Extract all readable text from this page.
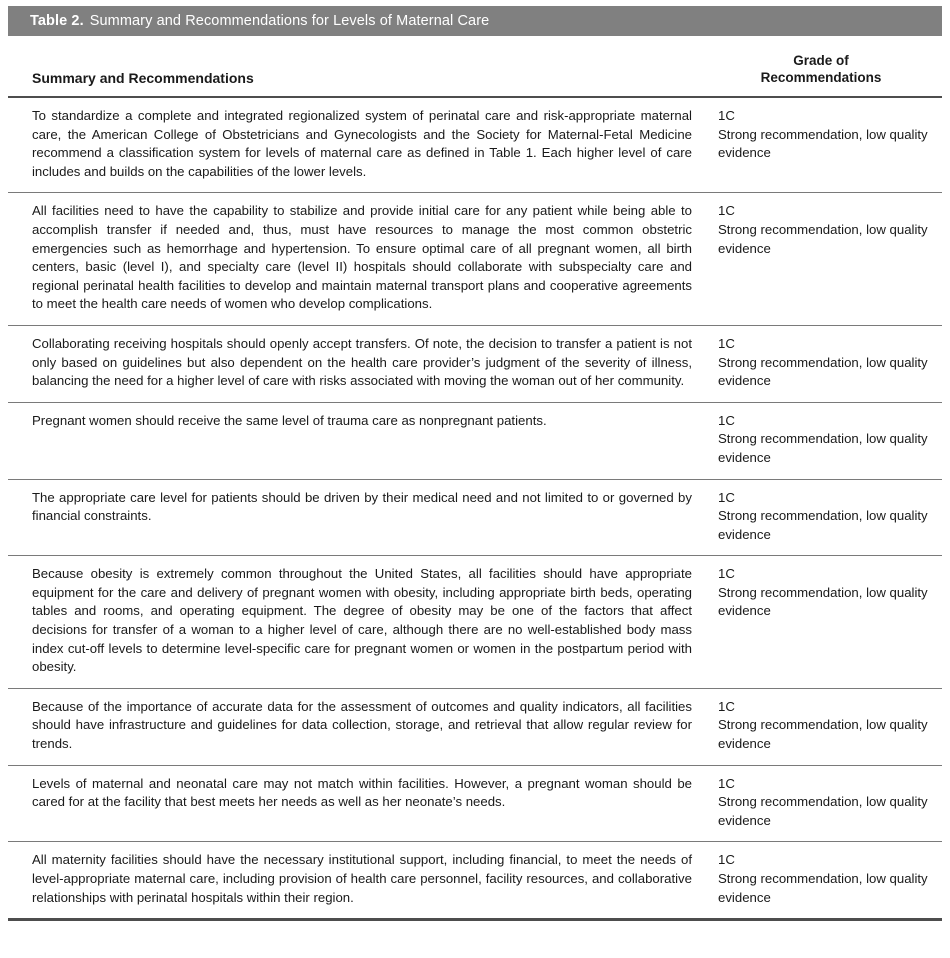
Table 2. Summary and Recommendations for Levels of Maternal Care
Summary and Recommendations
Grade of
Recommendations
To standardize a complete and integrated regionalized system of perinatal care and risk-appropriate maternal care, the American College of Obstetricians and Gynecologists and the Society for Maternal-Fetal Medicine recommend a classification system for levels of maternal care as defined in Table 1. Each higher level of care includes and builds on the capabilities of the lower levels.
1C
Strong recommendation, low quality evidence
All facilities need to have the capability to stabilize and provide initial care for any patient while being able to accomplish transfer if needed and, thus, must have resources to manage the most common obstetric emergencies such as hemorrhage and hypertension. To ensure optimal care of all pregnant women, all birth centers, basic (level I), and specialty care (level II) hospitals should collaborate with subspecialty care and regional perinatal health facilities to develop and maintain maternal transport plans and cooperative agreements to meet the health care needs of women who develop complications.
1C
Strong recommendation, low quality evidence
Collaborating receiving hospitals should openly accept transfers. Of note, the decision to transfer a patient is not only based on guidelines but also dependent on the health care provider’s judgment of the severity of illness, balancing the need for a higher level of care with risks associated with moving the woman out of her community.
1C
Strong recommendation, low quality evidence
Pregnant women should receive the same level of trauma care as nonpregnant patients.	1C
Strong recommendation, low quality evidence
The appropriate care level for patients should be driven by their medical need and not limited to or governed by financial constraints.
1C
Strong recommendation, low quality evidence
Because obesity is extremely common throughout the United States, all facilities should have appropriate equipment for the care and delivery of pregnant women with obesity, including appropriate birth beds, operating tables and rooms, and operating equipment. The degree of obesity may be one of the factors that affect decisions for transfer of a woman to a higher level of care, although there are no well-established body mass index cut-off levels to determine level-specific care for pregnant women or women in the postpartum period with obesity.
1C
Strong recommendation, low quality evidence
Because of the importance of accurate data for the assessment of outcomes and quality indicators, all facilities should have infrastructure and guidelines for data collection, storage, and retrieval that allow regular review for trends.
1C
Strong recommendation, low quality evidence
Levels of maternal and neonatal care may not match within facilities. However, a pregnant woman should be cared for at the facility that best meets her needs as well as her neonate’s needs.
1C
Strong recommendation, low quality evidence
All maternity facilities should have the necessary institutional support, including financial, to meet the needs of level-appropriate maternal care, including provision of health care personnel, facility resources, and collaborative relationships with perinatal hospitals within their region.
1C
Strong recommendation, low quality evidence
